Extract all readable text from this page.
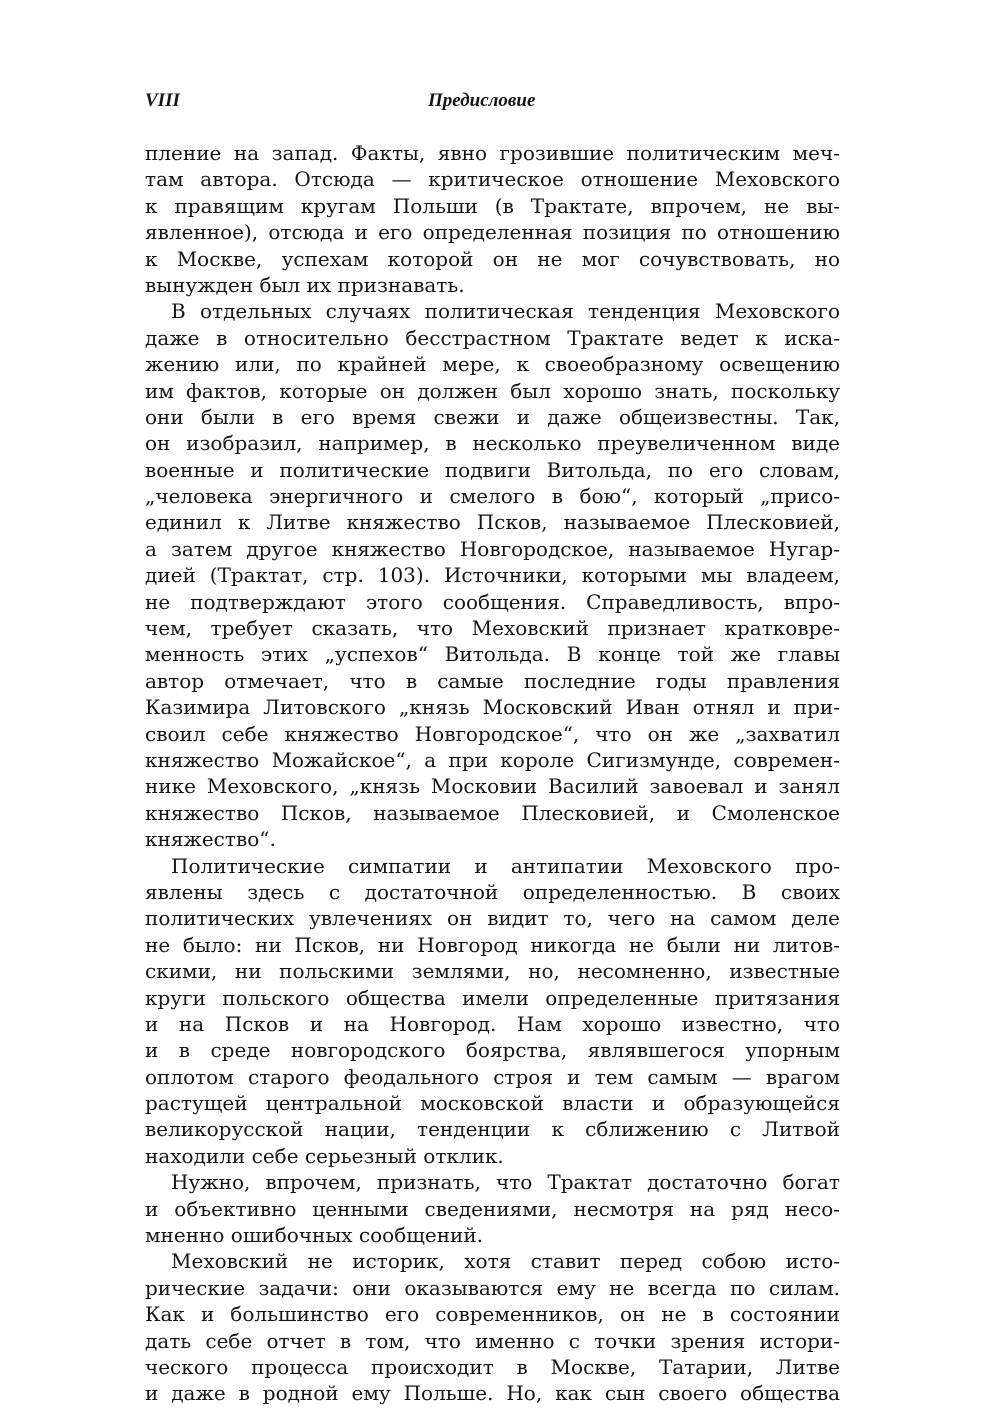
VIII	Предисловие
пление на запад. Факты, явно грозившие политическим меч-
там автора. Отсюда — критическое отношение Меховского
к правящим кругам Польши (в Трактате, впрочем, не вы-
явленное), отсюда и его определенная позиция по отношению
к Москве, успехам которой он не мог сочувствовать, но
вынужден был их признавать.
В отдельных случаях политическая тенденция Меховского
даже в относительно бесстрастном Трактате ведет к иска-
жению или, по крайней мере, к своеобразному освещению
им фактов, которые он должен был хорошо знать, поскольку
они были в его время свежи и даже общеизвестны. Так,
он изобразил, например, в несколько преувеличенном виде
военные и политические подвиги Витольда, по его словам,
„человека энергичного и смелого в бою“, который „присо-
единил к Литве княжество Псков, называемое Плесковией,
а затем другое княжество Новгородское, называемое Нугар-
дией (Трактат, стр. 103). Источники, которыми мы владеем,
не подтверждают этого сообщения. Справедливость, впро-
чем, требует сказать, что Меховский признает кратковре-
менность этих „успехов“ Витольда. В конце той же главы
автор отмечает, что в самые последние годы правления
Казимира Литовского „князь Московский Иван отнял и при-
своил себе княжество Новгородское“, что он же „захватил
княжество Можайское“, а при короле Сигизмунде, современ-
нике Меховского, „князь Московии Василий завоевал и занял
княжество Псков, называемое Плесковией, и Смоленское
княжество“.
Политические симпатии и антипатии Меховского про-
явлены здесь с достаточной определенностью. В своих
политических увлечениях он видит то, чего на самом деле
не было: ни Псков, ни Новгород никогда не были ни литов-
скими, ни польскими землями, но, несомненно, известные
круги польского общества имели определенные притязания
и на Псков и на Новгород. Нам хорошо известно, что
и в среде новгородского боярства, являвшегося упорным
оплотом старого феодального строя и тем самым — врагом
растущей центральной московской власти и образующейся
великорусской нации, тенденции к сближению с Литвой
находили себе серьезный отклик.
Нужно, впрочем, признать, что Трактат достаточно богат
и объективно ценными сведениями, несмотря на ряд несо-
мненно ошибочных сообщений.
Меховский не историк, хотя ставит перед собою исто-
рические задачи: они оказываются ему не всегда по силам.
Как и большинство его современников, он не в состоянии
дать себе отчет в том, что именно с точки зрения истори-
ческого процесса происходит в Москве, Татарии, Литве
и даже в родной ему Польше. Но, как сын своего общества
